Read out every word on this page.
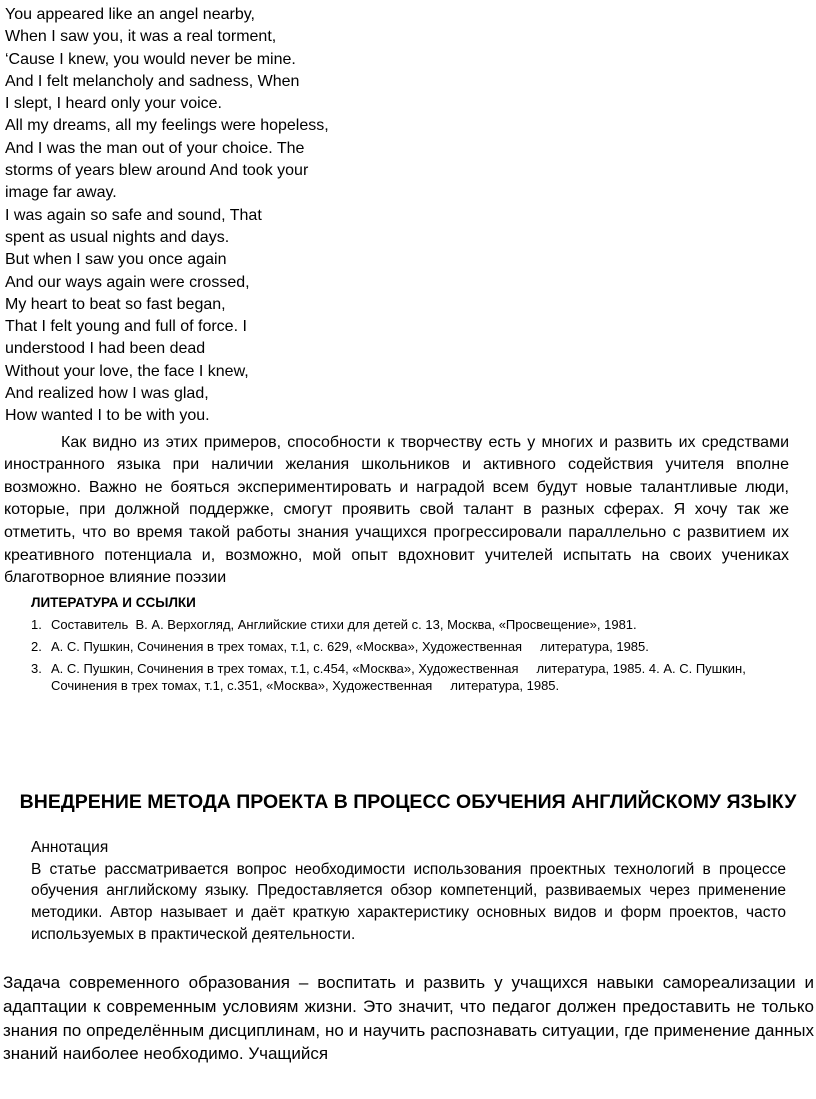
You appeared like an angel nearby,
When I saw you, it was a real torment,
‘Cause I knew, you would never be mine.
And I felt melancholy and sadness, When
I slept, I heard only your voice.
All my dreams, all my feelings were hopeless,
And I was the man out of your choice. The
storms of years blew around And took your
image far away.
I was again so safe and sound, That
spent as usual nights and days.
But when I saw you once again
And our ways again were crossed,
My heart to beat so fast began,
That I felt young and full of force. I
understood I had been dead
Without your love, the face I knew,
And realized how I was glad,
How wanted I to be with you.

Как видно из этих примеров, способности к творчеству есть у многих и развить их средствами иностранного языка при наличии желания школьников и активного содействия учителя вполне возможно. Важно не бояться экспериментировать и наградой всем будут новые талантливые люди, которые, при должной поддержке, смогут проявить свой талант в разных сферах. Я хочу так же отметить, что во время такой работы знания учащихся прогрессировали параллельно с развитием их креативного потенциала и, возможно, мой опыт вдохновит учителей испытать на своих учениках благотворное влияние поэзии

ЛИТЕРАТУРА И ССЫЛКИ
1. Составитель  В. А. Верхогляд, Английские стихи для детей с. 13, Москва, «Просвещение», 1981.
2. А. С. Пушкин, Сочинения в трех томах, т.1, с. 629, «Москва», Художественная     литература, 1985.
3. А. С. Пушкин, Сочинения в трех томах, т.1, с.454, «Москва», Художественная     литература, 1985. 4. А. С. Пушкин, Сочинения в трех томах, т.1, с.351, «Москва», Художественная     литература, 1985.
ВНЕДРЕНИЕ МЕТОДА ПРОЕКТА В ПРОЦЕСС ОБУЧЕНИЯ АНГЛИЙСКОМУ ЯЗЫКУ

Аннотация

В статье рассматривается вопрос необходимости использования проектных технологий в процессе обучения английскому языку. Предоставляется обзор компетенций, развиваемых через применение методики. Автор называет и даёт краткую характеристику основных видов и форм проектов, часто используемых в практической деятельности.

Задача современного образования – воспитать и развить у учащихся навыки самореализации и адаптации к современным условиям жизни. Это значит, что педагог должен предоставить не только знания по определённым дисциплинам, но и научить распознавать ситуации, где применение данных знаний наиболее необходимо. Учащийся
